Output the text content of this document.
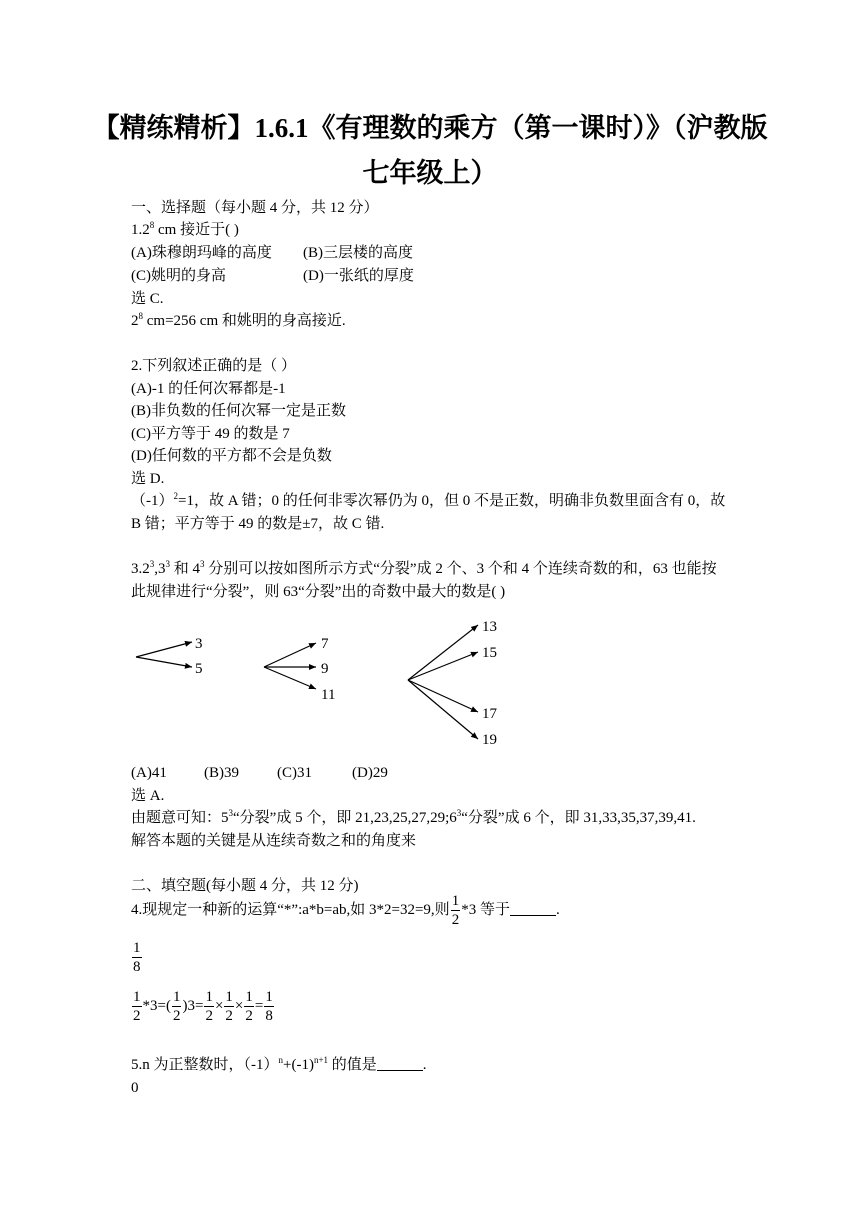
【精练精析】1.6.1《有理数的乘方（第一课时）》（沪教版
七年级上）
一、选择题（每小题 4 分，共 12 分）
$1.2^8$ cm 接近于( )
(A)珠穆朗玛峰的高度 (B)三层楼的高度
(C)姚明的身高	(D)一张纸的厚度
选 C.
$2^8$ cm=256 cm 和姚明的身高接近.
2.下列叙述正确的是（ ）
(A)-1 的任何次幂都是-1
(B)非负数的任何次幂一定是正数
(C)平方等于 49 的数是 7
(D)任何数的平方都不会是负数
选 D.
$(-1)^2=1$，故 A 错；0 的任何非零次幂仍为 0，但 0 不是正数，明确非负数里面含有 0，故
B 错；平方等于 49 的数是±7，故 C 错.
$3.2^3,3^3$ 和 $4^3$ 分别可以按如图所示方式“分裂”成 2 个、3 个和 4 个连续奇数的和，63 也能按
此规律进行“分裂”，则 63“分裂”出的奇数中最大的数是( )
3
5
7
9
11
13
15
17
19
(A)41 (B)39	(C)31	(D)29
选 A.
由题意可知：$5^3“$分裂”成 5 个，即 $21,23,25,27,29;6^3“$分裂”成 6 个，即 31,33,35,37,39,41.
解答本题的关键是从连续奇数之和的角度来
二、填空题(每小题 4 分，共 12 分)
4.现规定一种新的运算“*”:a*b=ab,如 3*2=32=9,则 $\frac{1}{2} *3$ 等于	.
$\frac{1}{8}$
$\frac{1}{2} *3=( \frac{1}{2} )3= \frac{1}{2} \times \frac{1}{2} \times \frac{1}{2} = \frac{1}{8}$
5.n 为正整数时，$(-1)^n+(-1)^{n+1}$ 的值是	.
0
